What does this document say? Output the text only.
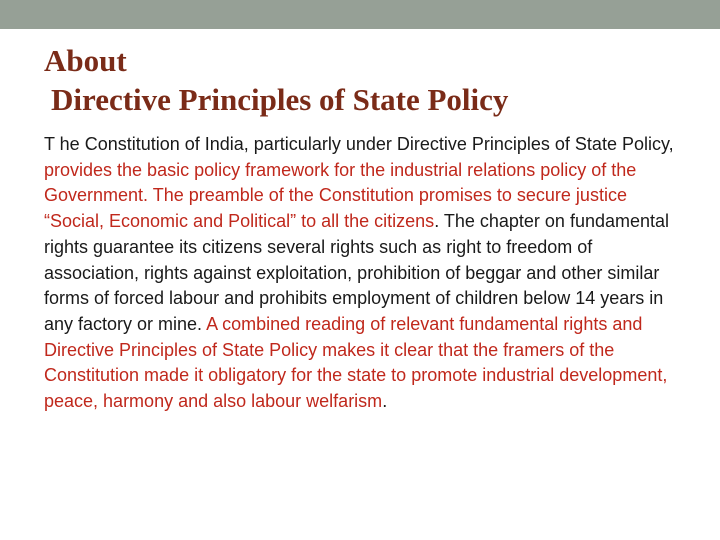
About
Directive Principles of State Policy

T he Constitution of India, particularly under Directive Principles of State Policy, provides the basic policy framework for the industrial relations policy of the Government. The preamble of the Constitution promises to secure justice “Social, Economic and Political” to all the citizens. The chapter on fundamental rights guarantee its citizens several rights such as right to freedom of association, rights against exploitation, prohibition of beggar and other similar forms of forced labour and prohibits employment of children below 14 years in any factory or mine. A combined reading of relevant fundamental rights and Directive Principles of State Policy makes it clear that the framers of the Constitution made it obligatory for the state to promote industrial development, peace, harmony and also labour welfarism.
